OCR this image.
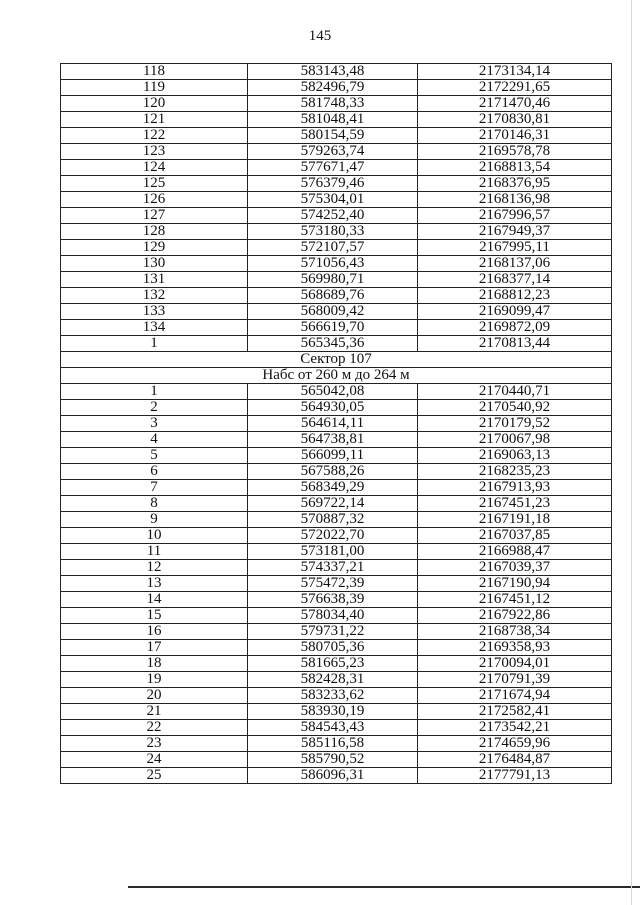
145
118	583143,48	2173134,14
119	582496,79	2172291,65
120	581748,33	2171470,46
121	581048,41	2170830,81
122	580154,59	2170146,31
123	579263,74	2169578,78
124	577671,47	2168813,54
125	576379,46	2168376,95
126	575304,01	2168136,98
127	574252,40	2167996,57
128	573180,33	2167949,37
129	572107,57	2167995,11
130	571056,43	2168137,06
131	569980,71	2168377,14
132	568689,76	2168812,23
133	568009,42	2169099,47
134	566619,70	2169872,09
1	565345,36	2170813,44
Сектор 107		
Набс от 260 м до 264 м		
1	565042,08	2170440,71
2	564930,05	2170540,92
3	564614,11	2170179,52
4	564738,81	2170067,98
5	566099,11	2169063,13
6	567588,26	2168235,23
7	568349,29	2167913,93
8	569722,14	2167451,23
9	570887,32	2167191,18
10	572022,70	2167037,85
11	573181,00	2166988,47
12	574337,21	2167039,37
13	575472,39	2167190,94
14	576638,39	2167451,12
15	578034,40	2167922,86
16	579731,22	2168738,34
17	580705,36	2169358,93
18	581665,23	2170094,01
19	582428,31	2170791,39
20	583233,62	2171674,94
21	583930,19	2172582,41
22	584543,43	2173542,21
23	585116,58	2174659,96
24	585790,52	2176484,87
25	586096,31	2177791,13
